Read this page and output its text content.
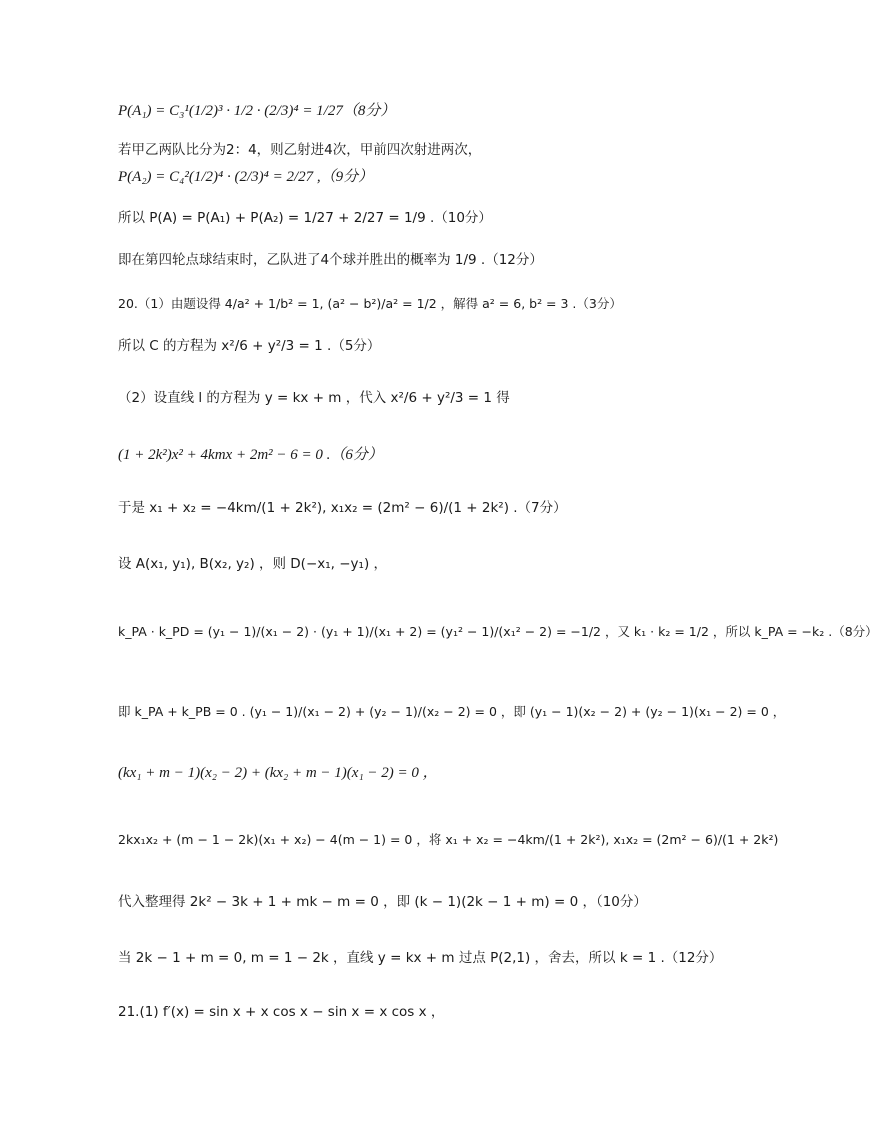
P(A₁) = C₃¹(1/2)³ · 1/2 · (2/3)⁴ = 1/27（8分）
若甲乙两队比分为2：4，则乙射进4次，甲前四次射进两次，
P(A₂) = C₄²(1/2)⁴ · (2/3)⁴ = 2/27 ,（9分）
所以 P(A) = P(A₁) + P(A₂) = 1/27 + 2/27 = 1/9 .（10分）
即在第四轮点球结束时，乙队进了4个球并胜出的概率为 1/9 .（12分）
20.（1）由题设得 4/a² + 1/b² = 1, (a² − b²)/a² = 1/2 ，解得 a² = 6, b² = 3 .（3分）
所以 C 的方程为 x²/6 + y²/3 = 1 .（5分）
（2）设直线 l 的方程为 y = kx + m ，代入 x²/6 + y²/3 = 1 得
(1 + 2k²)x² + 4kmx + 2m² − 6 = 0 .（6分）
于是 x₁ + x₂ = −4km/(1 + 2k²), x₁x₂ = (2m² − 6)/(1 + 2k²) .（7分）
设 A(x₁, y₁), B(x₂, y₂) ，则 D(−x₁, −y₁) ，
k_PA · k_PD = (y₁ − 1)/(x₁ − 2) · (y₁ + 1)/(x₁ + 2) = (y₁² − 1)/(x₁² − 2) = −1/2 ，又 k₁ · k₂ = 1/2 ，所以 k_PA = −k₂ .（8分）
即 k_PA + k_PB = 0 . (y₁ − 1)/(x₁ − 2) + (y₂ − 1)/(x₂ − 2) = 0 ，即 (y₁ − 1)(x₂ − 2) + (y₂ − 1)(x₁ − 2) = 0 ，
(kx₁ + m − 1)(x₂ − 2) + (kx₂ + m − 1)(x₁ − 2) = 0 ，
2kx₁x₂ + (m − 1 − 2k)(x₁ + x₂) − 4(m − 1) = 0 ，将 x₁ + x₂ = −4km/(1 + 2k²), x₁x₂ = (2m² − 6)/(1 + 2k²)
代入整理得 2k² − 3k + 1 + mk − m = 0 ，即 (k − 1)(2k − 1 + m) = 0 ，（10分）
当 2k − 1 + m = 0, m = 1 − 2k ，直线 y = kx + m 过点 P(2,1) ，舍去，所以 k = 1 .（12分）
21.(1) f′(x) = sin x + x cos x − sin x = x cos x ，
